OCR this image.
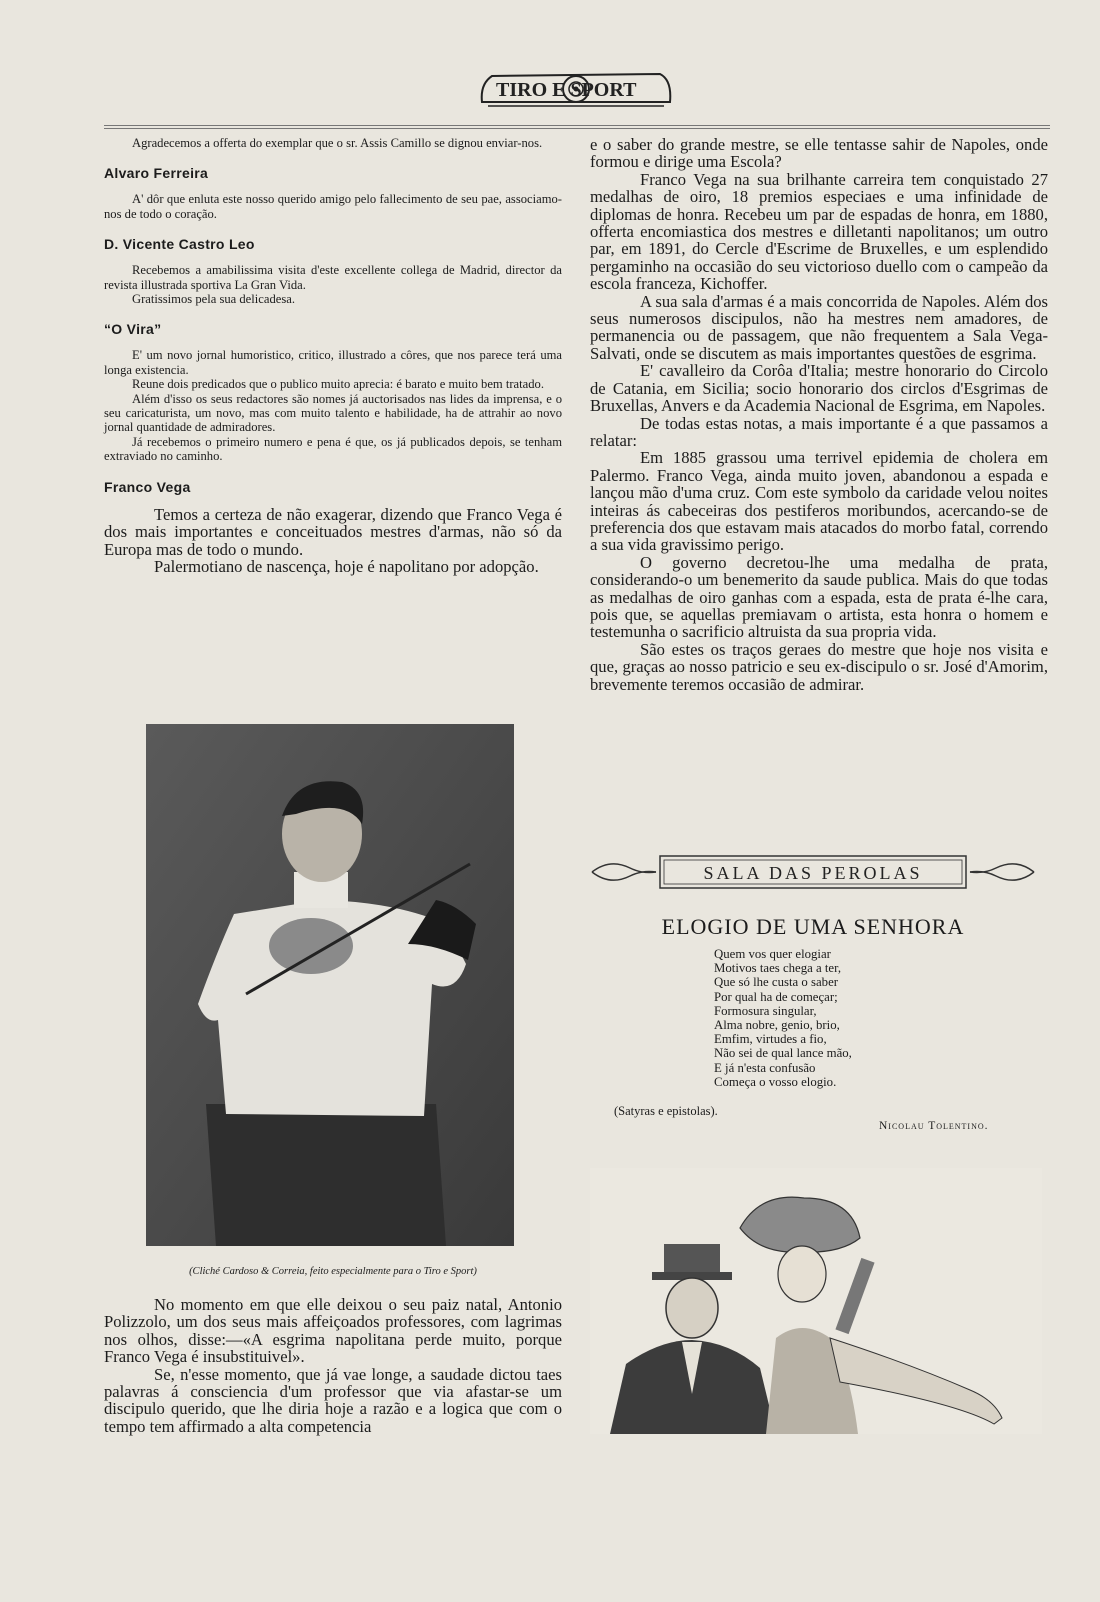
TIRO E SPORT

Agradecemos a offerta do exemplar que o sr. Assis Camillo se dignou enviar-nos.

Alvaro Ferreira

A' dôr que enluta este nosso querido amigo pelo fallecimento de seu pae, associamo-nos de todo o coração.

D. Vicente Castro Leo

Recebemos a amabilissima visita d'este excellente collega de Madrid, director da revista illustrada sportiva La Gran Vida.

Gratissimos pela sua delicadesa.

“O Vira”

E' um novo jornal humoristico, critico, illustrado a côres, que nos parece terá uma longa existencia.

Reune dois predicados que o publico muito aprecia: é barato e muito bem tratado.

Além d'isso os seus redactores são nomes já auctorisados nas lides da imprensa, e o seu caricaturista, um novo, mas com muito talento e habilidade, ha de attrahir ao novo jornal quantidade de admiradores.

Já recebemos o primeiro numero e pena é que, os já publicados depois, se tenham extraviado no caminho.

Franco Vega

Temos a certeza de não exagerar, dizendo que Franco Vega é dos mais importantes e conceituados mestres d'armas, não só da Europa mas de todo o mundo.

Palermotiano de nascença, hoje é napolitano por adopção.

(Cliché Cardoso & Correia, feito especialmente para o Tiro e Sport)

No momento em que elle deixou o seu paiz natal, Antonio Polizzolo, um dos seus mais affeiçoados professores, com lagrimas nos olhos, disse:—«A esgrima napolitana perde muito, porque Franco Vega é insubstituivel».

Se, n'esse momento, que já vae longe, a saudade dictou taes palavras á consciencia d'um professor que via afastar-se um discipulo querido, que lhe diria hoje a razão e a logica que com o tempo tem affirmado a alta competencia

e o saber do grande mestre, se elle tentasse sahir de Napoles, onde formou e dirige uma Escola?

Franco Vega na sua brilhante carreira tem conquistado 27 medalhas de oiro, 18 premios especiaes e uma infinidade de diplomas de honra. Recebeu um par de espadas de honra, em 1880, offerta encomiastica dos mestres e dilletanti napolitanos; um outro par, em 1891, do Cercle d'Escrime de Bruxelles, e um esplendido pergaminho na occasião do seu victorioso duello com o campeão da escola franceza, Kichoffer.

A sua sala d'armas é a mais concorrida de Napoles. Além dos seus numerosos discipulos, não ha mestres nem amadores, de permanencia ou de passagem, que não frequentem a Sala Vega-Salvati, onde se discutem as mais importantes questões de esgrima.

E' cavalleiro da Corôa d'Italia; mestre honorario do Circolo de Catania, em Sicilia; socio honorario dos circlos d'Esgrimas de Bruxellas, Anvers e da Academia Nacional de Esgrima, em Napoles.

De todas estas notas, a mais importante é a que passamos a relatar:

Em 1885 grassou uma terrivel epidemia de cholera em Palermo. Franco Vega, ainda muito joven, abandonou a espada e lançou mão d'uma cruz. Com este symbolo da caridade velou noites inteiras ás cabeceiras dos pestiferos moribundos, acercando-se de preferencia dos que estavam mais atacados do morbo fatal, correndo a sua vida gravissimo perigo.

O governo decretou-lhe uma medalha de prata, considerando-o um benemerito da saude publica. Mais do que todas as medalhas de oiro ganhas com a espada, esta de prata é-lhe cara, pois que, se aquellas premiavam o artista, esta honra o homem e testemunha o sacrificio altruista da sua propria vida.

São estes os traços geraes do mestre que hoje nos visita e que, graças ao nosso patricio e seu ex-discipulo o sr. José d'Amorim, brevemente teremos occasião de admirar.

SALA DAS PEROLAS
ELOGIO DE UMA SENHORA
Quem vos quer elogiar
Motivos taes chega a ter,
Que só lhe custa o saber
Por qual ha de começar;
Formosura singular,
Alma nobre, genio, brio,
Emfim, virtudes a fio,
Não sei de qual lance mão,
E já n'esta confusão
Começa o vosso elogio.
(Satyras e epistolas).
Nicolau Tolentino.
